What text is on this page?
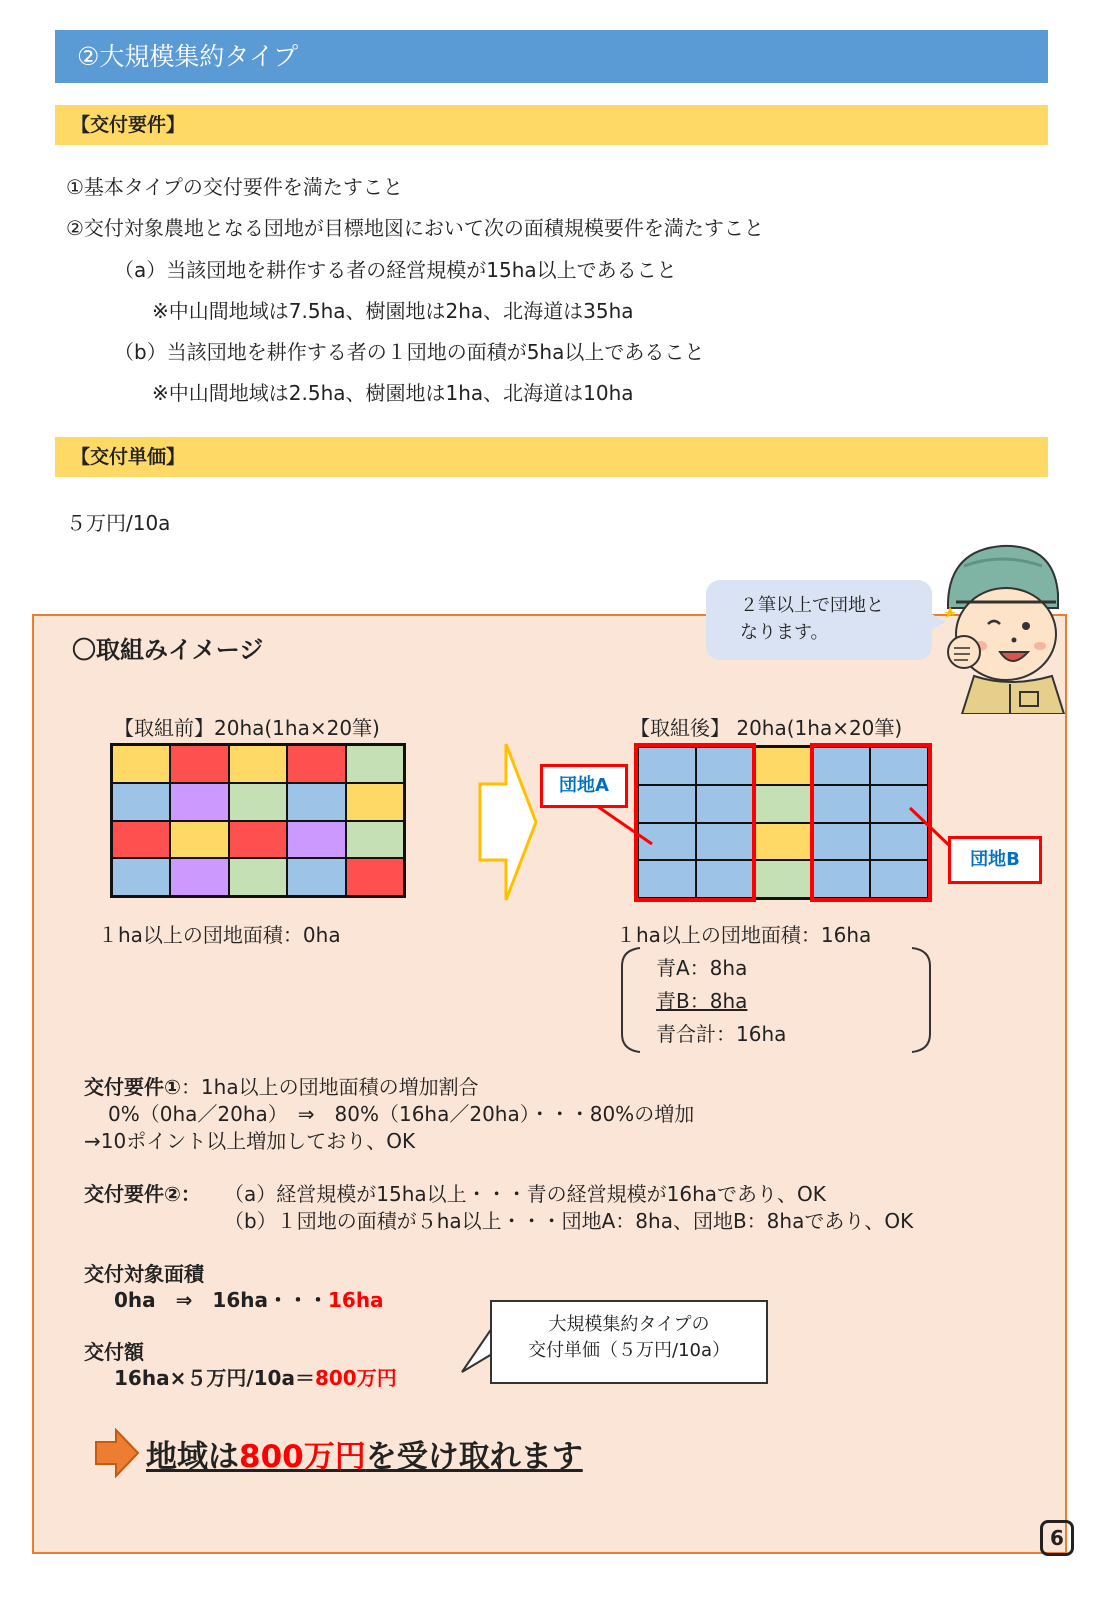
②大規模集約タイプ
【交付要件】
①基本タイプの交付要件を満たすこと
②交付対象農地となる団地が目標地図において次の面積規模要件を満たすこと
（a）当該団地を耕作する者の経営規模が15ha以上であること
※中山間地域は7.5ha、樹園地は2ha、北海道は35ha
（b）当該団地を耕作する者の１団地の面積が5ha以上であること
※中山間地域は2.5ha、樹園地は1ha、北海道は10ha
【交付単価】
５万円/10a
〇取組みイメージ
【取組前】20ha(1ha×20筆)
１ha以上の団地面積：0ha
【取組後】 20ha(1ha×20筆)
団地A
団地B
１ha以上の団地面積：16ha
青A：8ha
青B：8ha
青合計：16ha
交付要件①：1ha以上の団地面積の増加割合
0%（0ha／20ha）　⇒　80%（16ha／20ha）・・・80%の増加
→10ポイント以上増加しており、OK
交付要件②： （a）経営規模が15ha以上・・・青の経営規模が16haであり、OK
（b）１団地の面積が５ha以上・・・団地A：8ha、団地B：8haであり、OK
交付対象面積
0ha　⇒　16ha・・・16ha
交付額
16ha×５万円/10a＝800万円
大規模集約タイプの
交付単価（５万円/10a）
地域は800万円を受け取れます
２筆以上で団地と
なります。
6
